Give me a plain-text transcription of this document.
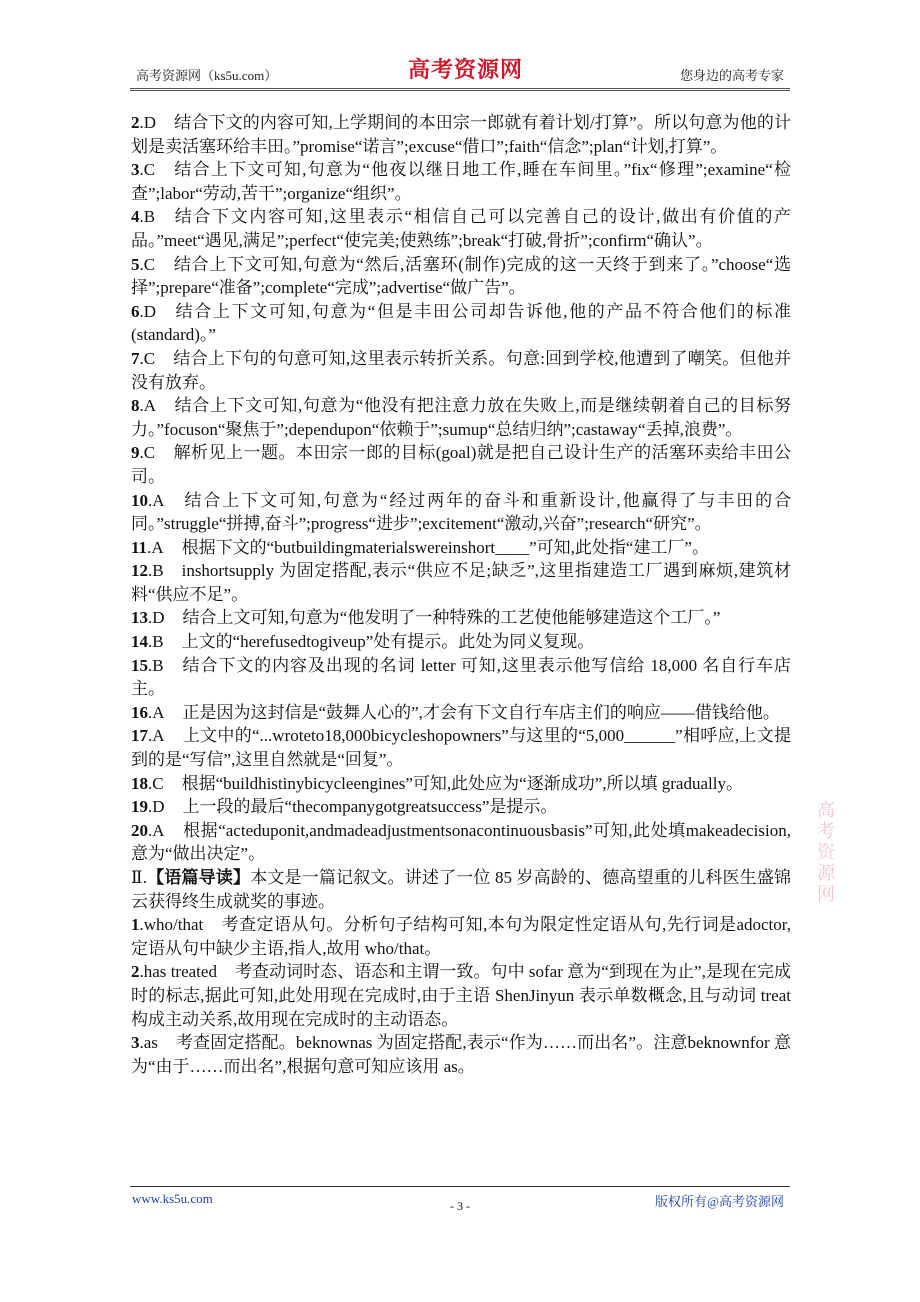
高考资源网（ks5u.com）	高考资源网	您身边的高考专家

2.D 结合下文的内容可知,上学期间的本田宗一郎就有着计划/打算”。所以句意为他的计划是卖活塞环给丰田。”promise“诺言”;excuse“借口”;faith“信念”;plan“计划,打算”。

3.C 结合上下文可知,句意为“他夜以继日地工作,睡在车间里。”fix“修理”;examine“检查”;labor“劳动,苦干”;organize“组织”。

4.B 结合下文内容可知,这里表示“相信自己可以完善自己的设计,做出有价值的产品。”meet“遇见,满足”;perfect“使完美;使熟练”;break“打破,骨折”;confirm“确认”。

5.C 结合上下文可知,句意为“然后,活塞环(制作)完成的这一天终于到来了。”choose“选择”;prepare“准备”;complete“完成”;advertise“做广告”。

6.D 结合上下文可知,句意为“但是丰田公司却告诉他,他的产品不符合他们的标准(standard)。”

7.C 结合上下句的句意可知,这里表示转折关系。句意:回到学校,他遭到了嘲笑。但他并没有放弃。

8.A 结合上下文可知,句意为“他没有把注意力放在失败上,而是继续朝着自己的目标努力。”focuson“聚焦于”;dependupon“依赖于”;sumup“总结归纳”;castaway“丢掉,浪费”。

9.C 解析见上一题。本田宗一郎的目标(goal)就是把自己设计生产的活塞环卖给丰田公司。

10.A 结合上下文可知,句意为“经过两年的奋斗和重新设计,他赢得了与丰田的合同。”struggle“拼搏,奋斗”;progress“进步”;excitement“激动,兴奋”;research“研究”。

11.A 根据下文的“butbuildingmaterialswereinshort____”可知,此处指“建工厂”。

12.B inshortsupply 为固定搭配,表示“供应不足;缺乏”,这里指建造工厂遇到麻烦,建筑材料“供应不足”。

13.D 结合上文可知,句意为“他发明了一种特殊的工艺使他能够建造这个工厂。”

14.B 上文的“herefusedtogiveup”处有提示。此处为同义复现。

15.B 结合下文的内容及出现的名词 letter 可知,这里表示他写信给 18,000 名自行车店主。

16.A 正是因为这封信是“鼓舞人心的”,才会有下文自行车店主们的响应——借钱给他。

17.A 上文中的“...wroteto18,000bicycleshopowners”与这里的“5,000______”相呼应,上文提到的是“写信”,这里自然就是“回复”。

18.C 根据“buildhistinybicycleengines”可知,此处应为“逐渐成功”,所以填 gradually。

19.D 上一段的最后“thecompanygotgreatsuccess”是提示。

20.A 根据“acteduponit,andmadeadjustmentsonacontinuousbasis”可知,此处填makeadecision,意为“做出决定”。

Ⅱ.【语篇导读】本文是一篇记叙文。讲述了一位 85 岁高龄的、德高望重的儿科医生盛锦云获得终生成就奖的事迹。

1.who/that 考查定语从句。分析句子结构可知,本句为限定性定语从句,先行词是adoctor,定语从句中缺少主语,指人,故用 who/that。

2.has treated 考查动词时态、语态和主谓一致。句中 sofar 意为“到现在为止”,是现在完成时的标志,据此可知,此处用现在完成时,由于主语 ShenJinyun 表示单数概念,且与动词 treat 构成主动关系,故用现在完成时的主动语态。

3.as 考查固定搭配。beknownas 为固定搭配,表示“作为……而出名”。注意beknownfor 意为“由于……而出名”,根据句意可知应该用 as。

高考资源网
www.ks5u.com	- 3 -	版权所有@高考资源网
